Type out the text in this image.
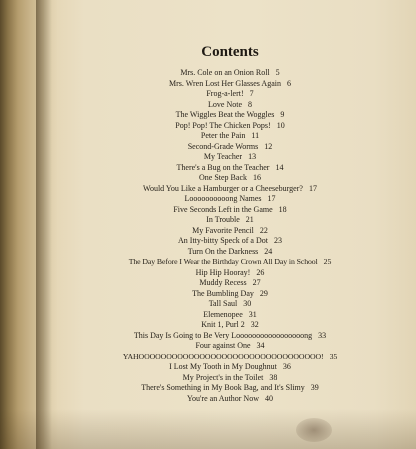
Contents
Mrs. Cole on an Onion Roll 5
Mrs. Wren Lost Her Glasses Again 6
Frog-a-lert! 7
Love Note 8
The Wiggles Beat the Woggles 9
Pop! Pop! The Chicken Pops! 10
Peter the Pain 11
Second-Grade Worms 12
My Teacher 13
There's a Bug on the Teacher 14
One Step Back 16
Would You Like a Hamburger or a Cheeseburger? 17
Loooooooooong Names 17
Five Seconds Left in the Game 18
In Trouble 21
My Favorite Pencil 22
An Itty-bitty Speck of a Dot 23
Turn On the Darkness 24
The Day Before I Wear the Birthday Crown All Day in School 25
Hip Hip Hooray! 26
Muddy Recess 27
The Bumbling Day 29
Tall Saul 30
Elemenopee 31
Knit 1, Purl 2 32
This Day Is Going to Be Very Looooooooooooooooong 33
Four against One 34
YAHOOOOOOOOOOOOOOOOOOOOOOOOOOOOOOOOO! 35
I Lost My Tooth in My Doughnut 36
My Project's in the Toilet 38
There's Something in My Book Bag, and It's Slimy 39
You're an Author Now 40
